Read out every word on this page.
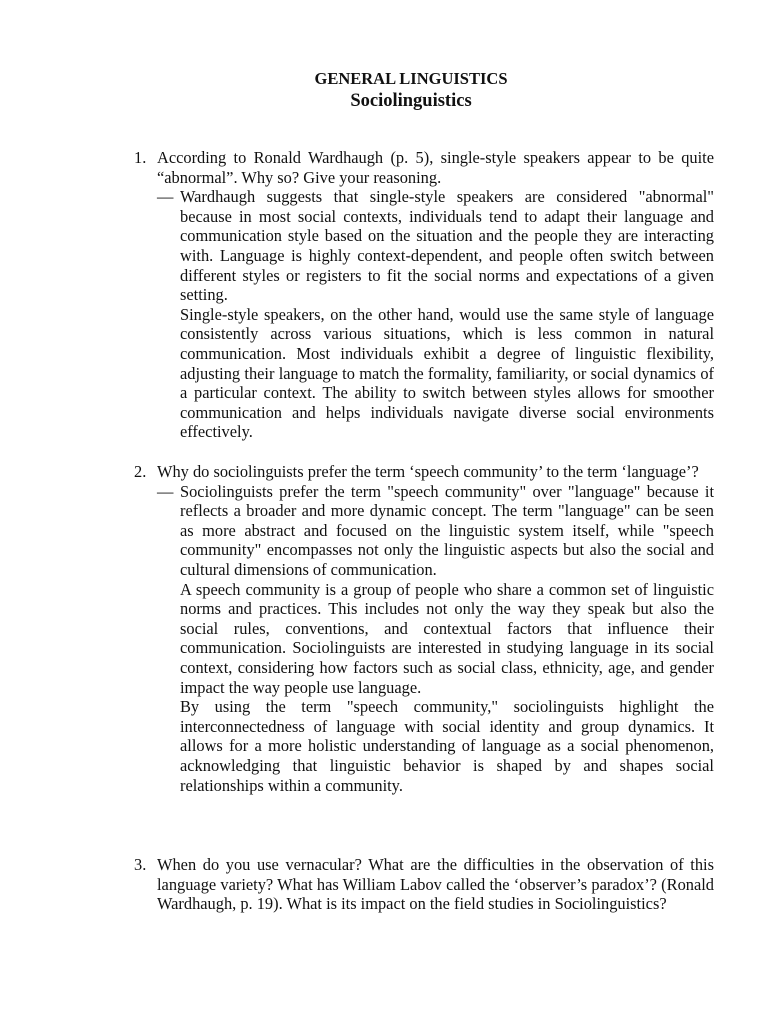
GENERAL LINGUISTICS
Sociolinguistics
1. According to Ronald Wardhaugh (p. 5), single-style speakers appear to be quite “abnormal”. Why so? Give your reasoning.

— Wardhaugh suggests that single-style speakers are considered "abnormal" because in most social contexts, individuals tend to adapt their language and communication style based on the situation and the people they are interacting with. Language is highly context-dependent, and people often switch between different styles or registers to fit the social norms and expectations of a given setting.

Single-style speakers, on the other hand, would use the same style of language consistently across various situations, which is less common in natural communication. Most individuals exhibit a degree of linguistic flexibility, adjusting their language to match the formality, familiarity, or social dynamics of a particular context. The ability to switch between styles allows for smoother communication and helps individuals navigate diverse social environments effectively.

2. Why do sociolinguists prefer the term ‘speech community’ to the term ‘language’?

— Sociolinguists prefer the term "speech community" over "language" because it reflects a broader and more dynamic concept. The term "language" can be seen as more abstract and focused on the linguistic system itself, while "speech community" encompasses not only the linguistic aspects but also the social and cultural dimensions of communication.

A speech community is a group of people who share a common set of linguistic norms and practices. This includes not only the way they speak but also the social rules, conventions, and contextual factors that influence their communication. Sociolinguists are interested in studying language in its social context, considering how factors such as social class, ethnicity, age, and gender impact the way people use language.

By using the term "speech community," sociolinguists highlight the interconnectedness of language with social identity and group dynamics. It allows for a more holistic understanding of language as a social phenomenon, acknowledging that linguistic behavior is shaped by and shapes social relationships within a community.

3. When do you use vernacular? What are the difficulties in the observation of this language variety? What has William Labov called the ‘observer’s paradox’? (Ronald Wardhaugh, p. 19). What is its impact on the field studies in Sociolinguistics?
